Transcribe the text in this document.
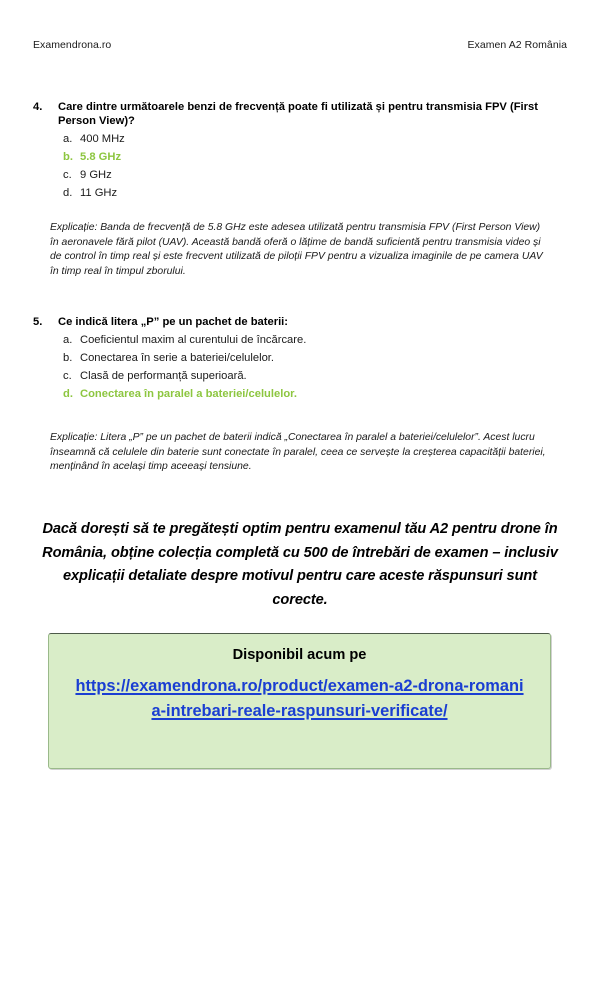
Examendrona.ro	Examen A2 România
4. Care dintre următoarele benzi de frecvență poate fi utilizată și pentru transmisia FPV (First Person View)?
a. 400 MHz
b. 5.8 GHz
c. 9 GHz
d. 11 GHz
Explicație: Banda de frecvență de 5.8 GHz este adesea utilizată pentru transmisia FPV (First Person View) în aeronavele fără pilot (UAV). Această bandă oferă o lățime de bandă suficientă pentru transmisia video și de control în timp real și este frecvent utilizată de piloții FPV pentru a vizualiza imaginile de pe camera UAV în timp real în timpul zborului.
5. Ce indică litera „P” pe un pachet de baterii:
a. Coeficientul maxim al curentului de încărcare.
b. Conectarea în serie a bateriei/celulelor.
c. Clasă de performanță superioară.
d. Conectarea în paralel a bateriei/celulelor.
Explicație: Litera „P” pe un pachet de baterii indică „Conectarea în paralel a bateriei/celulelor”. Acest lucru înseamnă că celulele din baterie sunt conectate în paralel, ceea ce servește la creșterea capacității bateriei, menținând în același timp aceeași tensiune.
Dacă dorești să te pregătești optim pentru examenul tău A2 pentru drone în România, obține colecția completă cu 500 de întrebări de examen – inclusiv explicații detaliate despre motivul pentru care aceste răspunsuri sunt corecte.
Disponibil acum pe
https://examendrona.ro/product/examen-a2-drona-romania-intrebari-reale-raspunsuri-verificate/
